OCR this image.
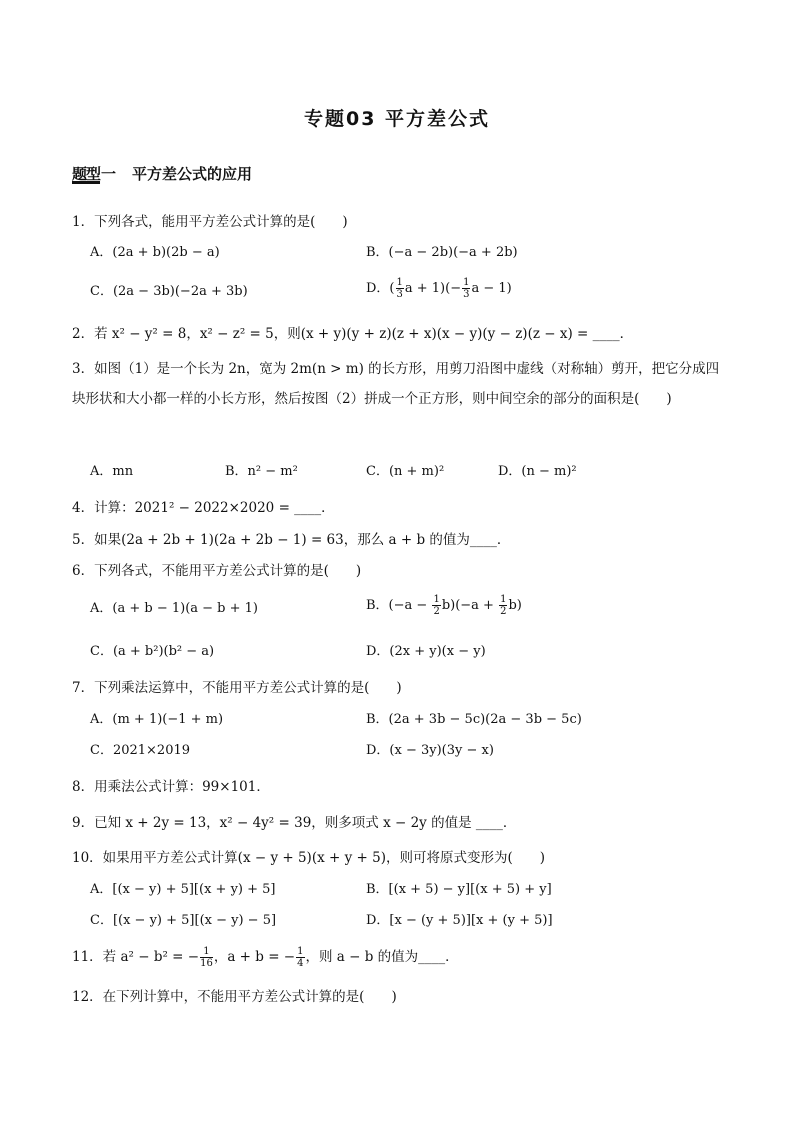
专题03 平方差公式
题型 一 平方差公式的应用
1．下列各式，能用平方差公式计算的是(　　)
A．(2a + b)(2b − a)	B．(−a − 2b)(−a + 2b)
C．(2a − 3b)(−2a + 3b)	D．( $\frac{1}{3}$ $a + 1)(- \frac{1}{3}$ a − 1)
2．若 x² − y² = 8，x² − z² = 5，则(x + y)(y + z)(z + x)(x − y)(y − z)(z − x) = ____．
3．如图（1）是一个长为 2n，宽为 2m(n > m) 的长方形，用剪刀沿图中虚线（对称轴）剪开，把它分成四块形状和大小都一样的小长方形，然后按图（2）拼成一个正方形，则中间空余的部分的面积是(　　)
A．mn	B．n² − m²	C．(n + m)²	D．(n − m)²
4．计算：2021² − 2022×2020 = ____．
5．如果(2a + 2b + 1)(2a + 2b − 1) = 63，那么 a + b 的值为____．
6．下列各式，不能用平方差公式计算的是(　　)
A．(a + b − 1)(a − b + 1)	B．$(-a - \frac{1}{2} b)(-a + \frac{1}{2} b)$
C．(a + b²)(b² − a)	D．(2x + y)(x − y)
7．下列乘法运算中，不能用平方差公式计算的是(　　)
A．(m + 1)(−1 + m)	B．(2a + 3b − 5c)(2a − 3b − 5c)
C．2021×2019	D．(x − 3y)(3y − x)
8．用乘法公式计算：99×101．
9．已知 x + 2y = 13，x² − 4y² = 39，则多项式 x − 2y 的值是 ____．
10．如果用平方差公式计算(x − y + 5)(x + y + 5)，则可将原式变形为(　　)
A．[(x − y) + 5][(x + y) + 5]	B．[(x + 5) − y][(x + 5) + y]
C．[(x − y) + 5][(x − y) − 5]	D．[x − (y + 5)][x + (y + 5)]
11．若 a² − b² = − $\frac{1}{16}$ ，a + b = − $\frac{1}{4}$ ，则 a − b 的值为____．
12．在下列计算中，不能用平方差公式计算的是(　　)
